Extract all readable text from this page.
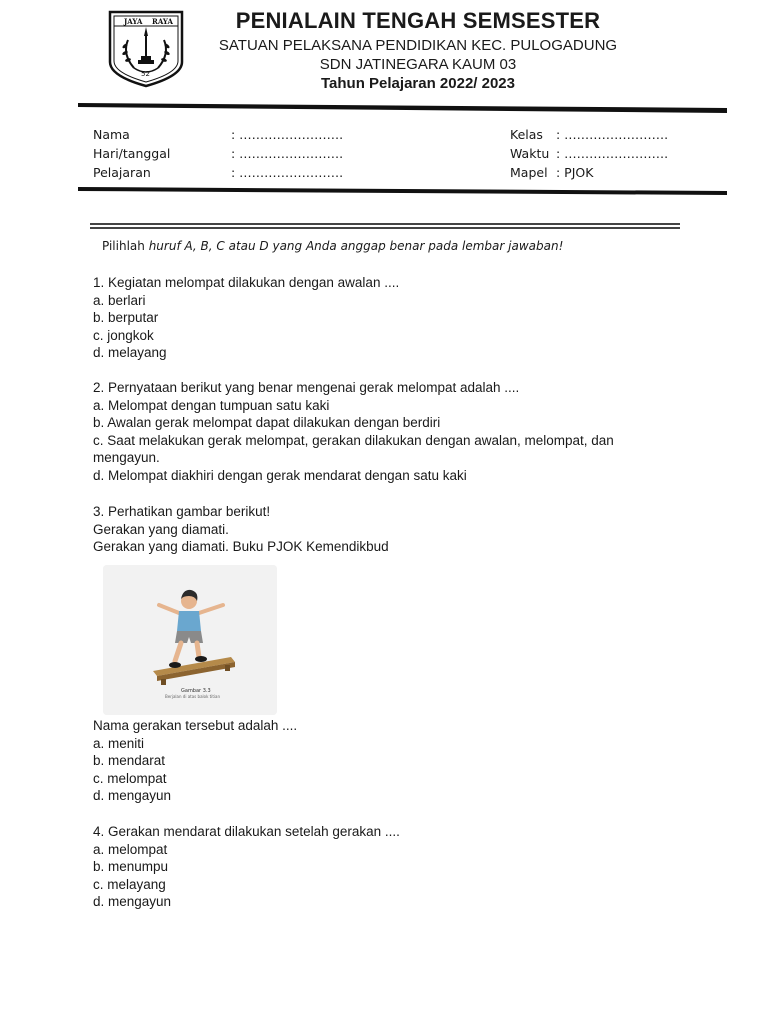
JAYA RAYA
52
PENIALAIN TENGAH SEMSESTER
SATUAN PELAKSANA PENDIDIKAN KEC. PULOGADUNG
SDN JATINEGARA KAUM 03
Tahun Pelajaran 2022/ 2023
Nama	: …………………….
Hari/tanggal	: …………………….
Pelajaran	: …………………….
Kelas : …………………….
Waktu : …………………….
Mapel : PJOK
Pilihlah huruf A, B, C atau D yang Anda anggap benar pada lembar jawaban!

1. Kegiatan melompat dilakukan dengan awalan ....

a. berlari

b. berputar

c. jongkok

d. melayang

2. Pernyataan berikut yang benar mengenai gerak melompat adalah ....

a. Melompat dengan tumpuan satu kaki

b. Awalan gerak melompat dapat dilakukan dengan berdiri

c. Saat melakukan gerak melompat, gerakan dilakukan dengan awalan, melompat, dan mengayun.

d. Melompat diakhiri dengan gerak mendarat dengan satu kaki

3. Perhatikan gambar berikut!

Gerakan yang diamati.

Gerakan yang diamati. Buku PJOK Kemendikbud

Gambar 3.3
Berjalan di atas balok titian

Nama gerakan tersebut adalah ....

a. meniti

b. mendarat

c. melompat

d. mengayun

4. Gerakan mendarat dilakukan setelah gerakan ....

a. melompat

b. menumpu

c. melayang

d. mengayun
